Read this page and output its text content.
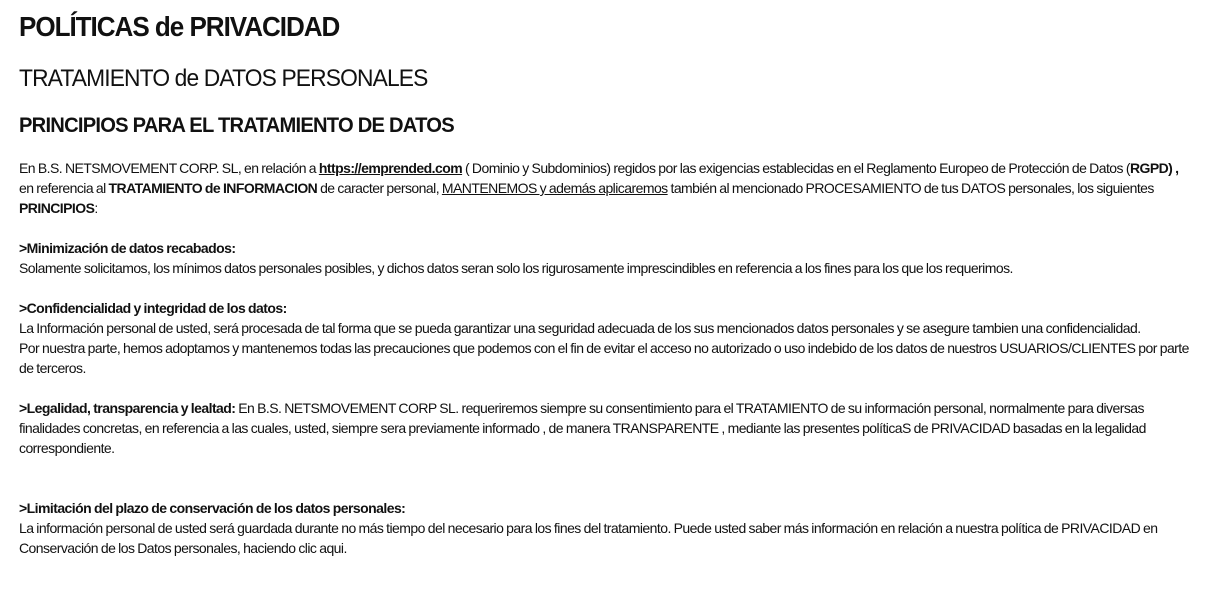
POLÍTICAS de PRIVACIDAD
TRATAMIENTO de DATOS PERSONALES
PRINCIPIOS PARA EL TRATAMIENTO DE DATOS
En B.S. NETSMOVEMENT CORP. SL, en relación a https://emprended.com ( Dominio y Subdominios) regidos por las exigencias establecidas en el Reglamento Europeo de Protección de Datos (RGPD) ,    en referencia al TRATAMIENTO de INFORMACION de caracter personal, MANTENEMOS y además aplicaremos también al mencionado PROCESAMIENTO de tus DATOS personales, los siguientes PRINCIPIOS:
>Minimización de datos recabados:
Solamente solicitamos, los mínimos datos personales posibles, y dichos datos seran solo los rigurosamente imprescindibles en referencia a los fines para los que los requerimos.
>Confidencialidad y integridad de los datos:
La Información personal de usted, será procesada de tal forma que se pueda garantizar una seguridad adecuada de los sus mencionados datos personales y se asegure tambien una confidencialidad.
Por nuestra parte, hemos adoptamos y mantenemos todas las precauciones que podemos con el fin de evitar el acceso no autorizado o uso indebido de los datos de nuestros USUARIOS/CLIENTES por parte de terceros.
>Legalidad, transparencia y lealtad: En B.S. NETSMOVEMENT CORP SL. requeriremos siempre su consentimiento para el TRATAMIENTO de su información personal, normalmente para diversas finalidades concretas, en referencia a las cuales, usted, siempre sera previamente informado , de manera TRANSPARENTE , mediante las presentes políticaS de PRIVACIDAD basadas en la legalidad correspondiente.
>Limitación del plazo de conservación de los datos personales:
La información personal de usted será guardada durante no más tiempo del necesario para los fines del tratamiento. Puede usted saber más información en relación a nuestra política de PRIVACIDAD en Conservación de los Datos personales, haciendo clic aqui.
